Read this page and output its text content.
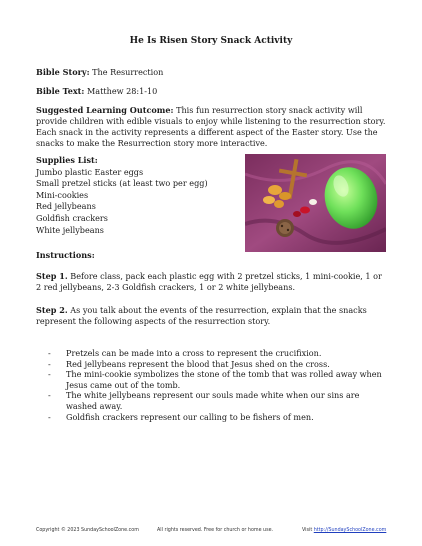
He Is Risen Story Snack Activity
Bible Story: The Resurrection
Bible Text: Matthew 28:1-10
Suggested Learning Outcome: This fun resurrection story snack activity will provide children with edible visuals to enjoy while listening to the resurrection story. Each snack in the activity represents a different aspect of the Easter story. Use the snacks to make the Resurrection story more interactive.
Supplies List:
Jumbo plastic Easter eggs
Small pretzel sticks (at least two per egg)
Mini-cookies
Red jellybeans
Goldfish crackers
White jellybeans
Instructions:
Step 1. Before class, pack each plastic egg with 2 pretzel sticks, 1 mini-cookie, 1 or 2 red jellybeans, 2-3 Goldfish crackers, 1 or 2 white jellybeans.
Step 2. As you talk about the events of the resurrection, explain that the snacks represent the following aspects of the resurrection story.
-	Pretzels can be made into a cross to represent the crucifixion.
-	Red jellybeans represent the blood that Jesus shed on the cross.
-	The mini-cookie symbolizes the stone of the tomb that was rolled away when Jesus came out of the tomb.
-	The white jellybeans represent our souls made white when our sins are washed away.
-	Goldfish crackers represent our calling to be fishers of men.
Copyright © 2023 SundaySchoolZone.com	All rights reserved. Free for church or home use.	Visit http://SundaySchoolZone.com
